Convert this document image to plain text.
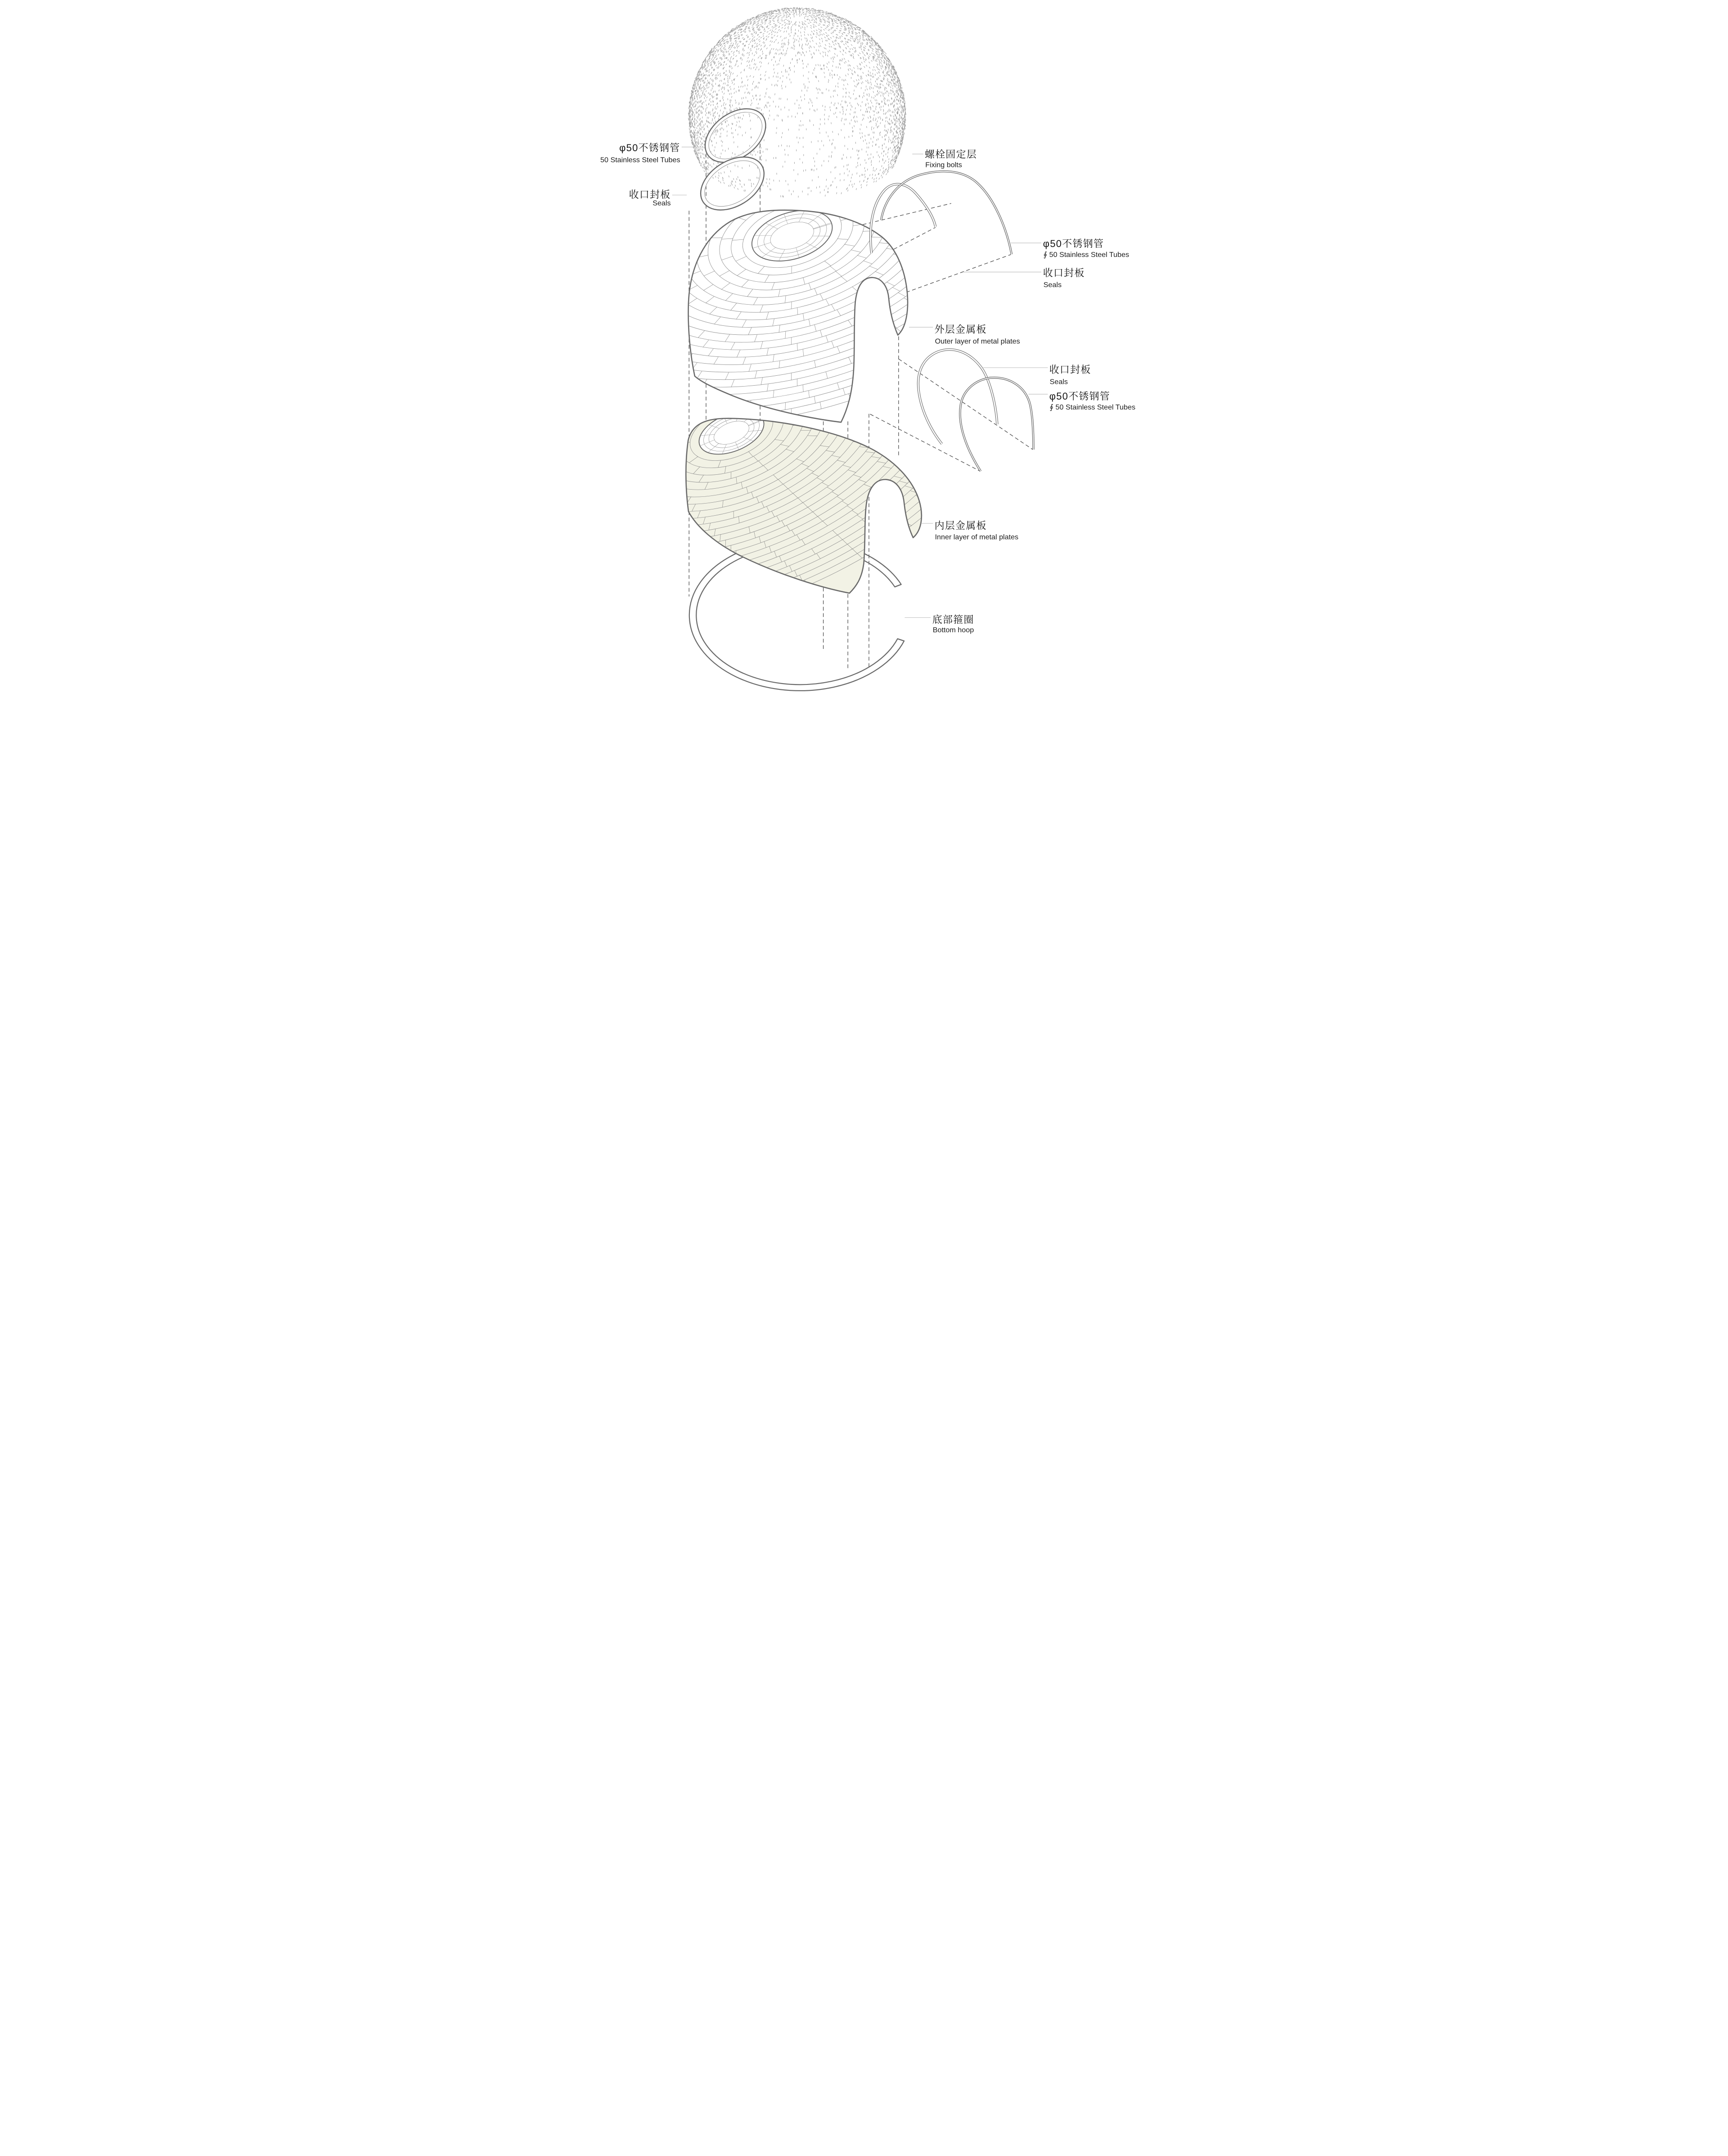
φ50不锈钢管
50 Stainless Steel Tubes
收口封板
Seals
螺栓固定层
Fixing bolts
φ50不锈钢管
∮ 50 Stainless Steel Tubes
收口封板
Seals
外层金属板
Outer layer of metal plates
收口封板
Seals
φ50不锈钢管
∮ 50 Stainless Steel Tubes
内层金属板
Inner layer of metal plates
底部箍圈
Bottom hoop
